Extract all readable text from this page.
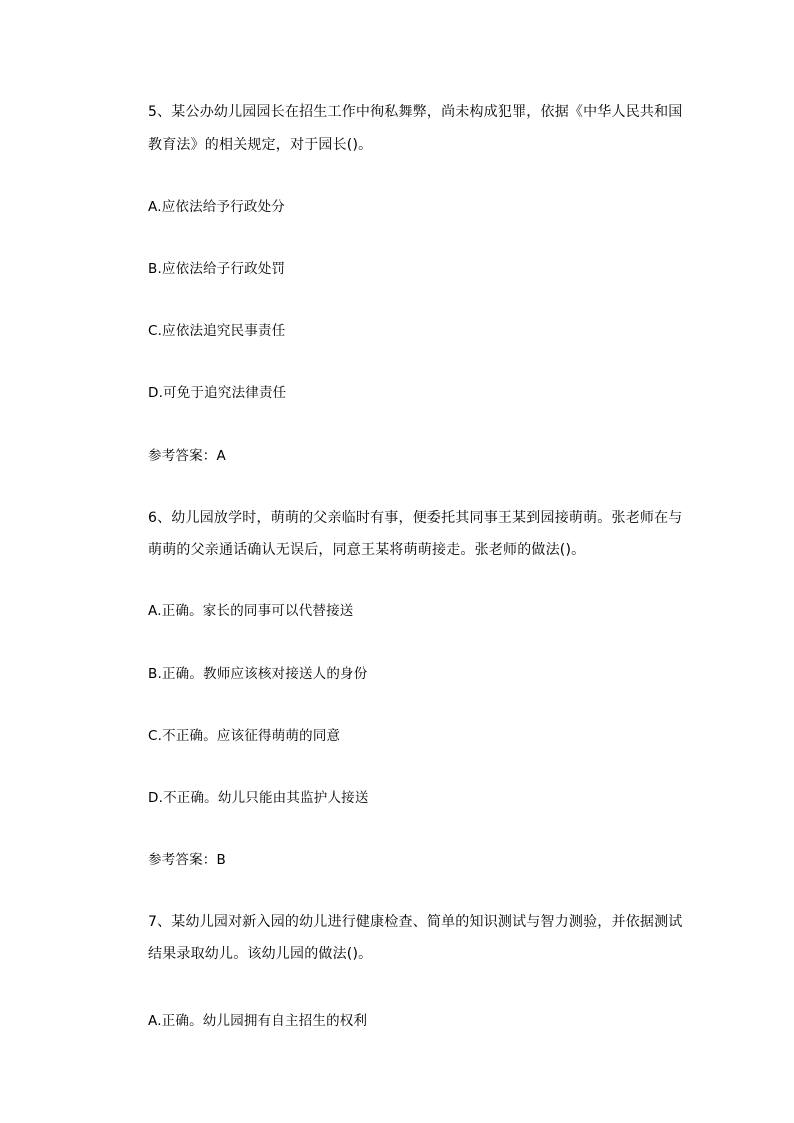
5、某公办幼儿园园长在招生工作中徇私舞弊，尚未构成犯罪，依据《中华人民共和国
教育法》的相关规定，对于园长()。
A.应依法给予行政处分
B.应依法给子行政处罚
C.应依法追究民事责任
D.可免于追究法律责任
参考答案：A
6、幼儿园放学时，萌萌的父亲临时有事，便委托其同事王某到园接萌萌。张老师在与
萌萌的父亲通话确认无误后，同意王某将萌萌接走。张老师的做法()。
A.正确。家长的同事可以代替接送
B.正确。教师应该核对接送人的身份
C.不正确。应该征得萌萌的同意
D.不正确。幼儿只能由其监护人接送
参考答案：B
7、某幼儿园对新入园的幼儿进行健康检查、简单的知识测试与智力测验，并依据测试
结果录取幼儿。该幼儿园的做法()。
A.正确。幼儿园拥有自主招生的权利
